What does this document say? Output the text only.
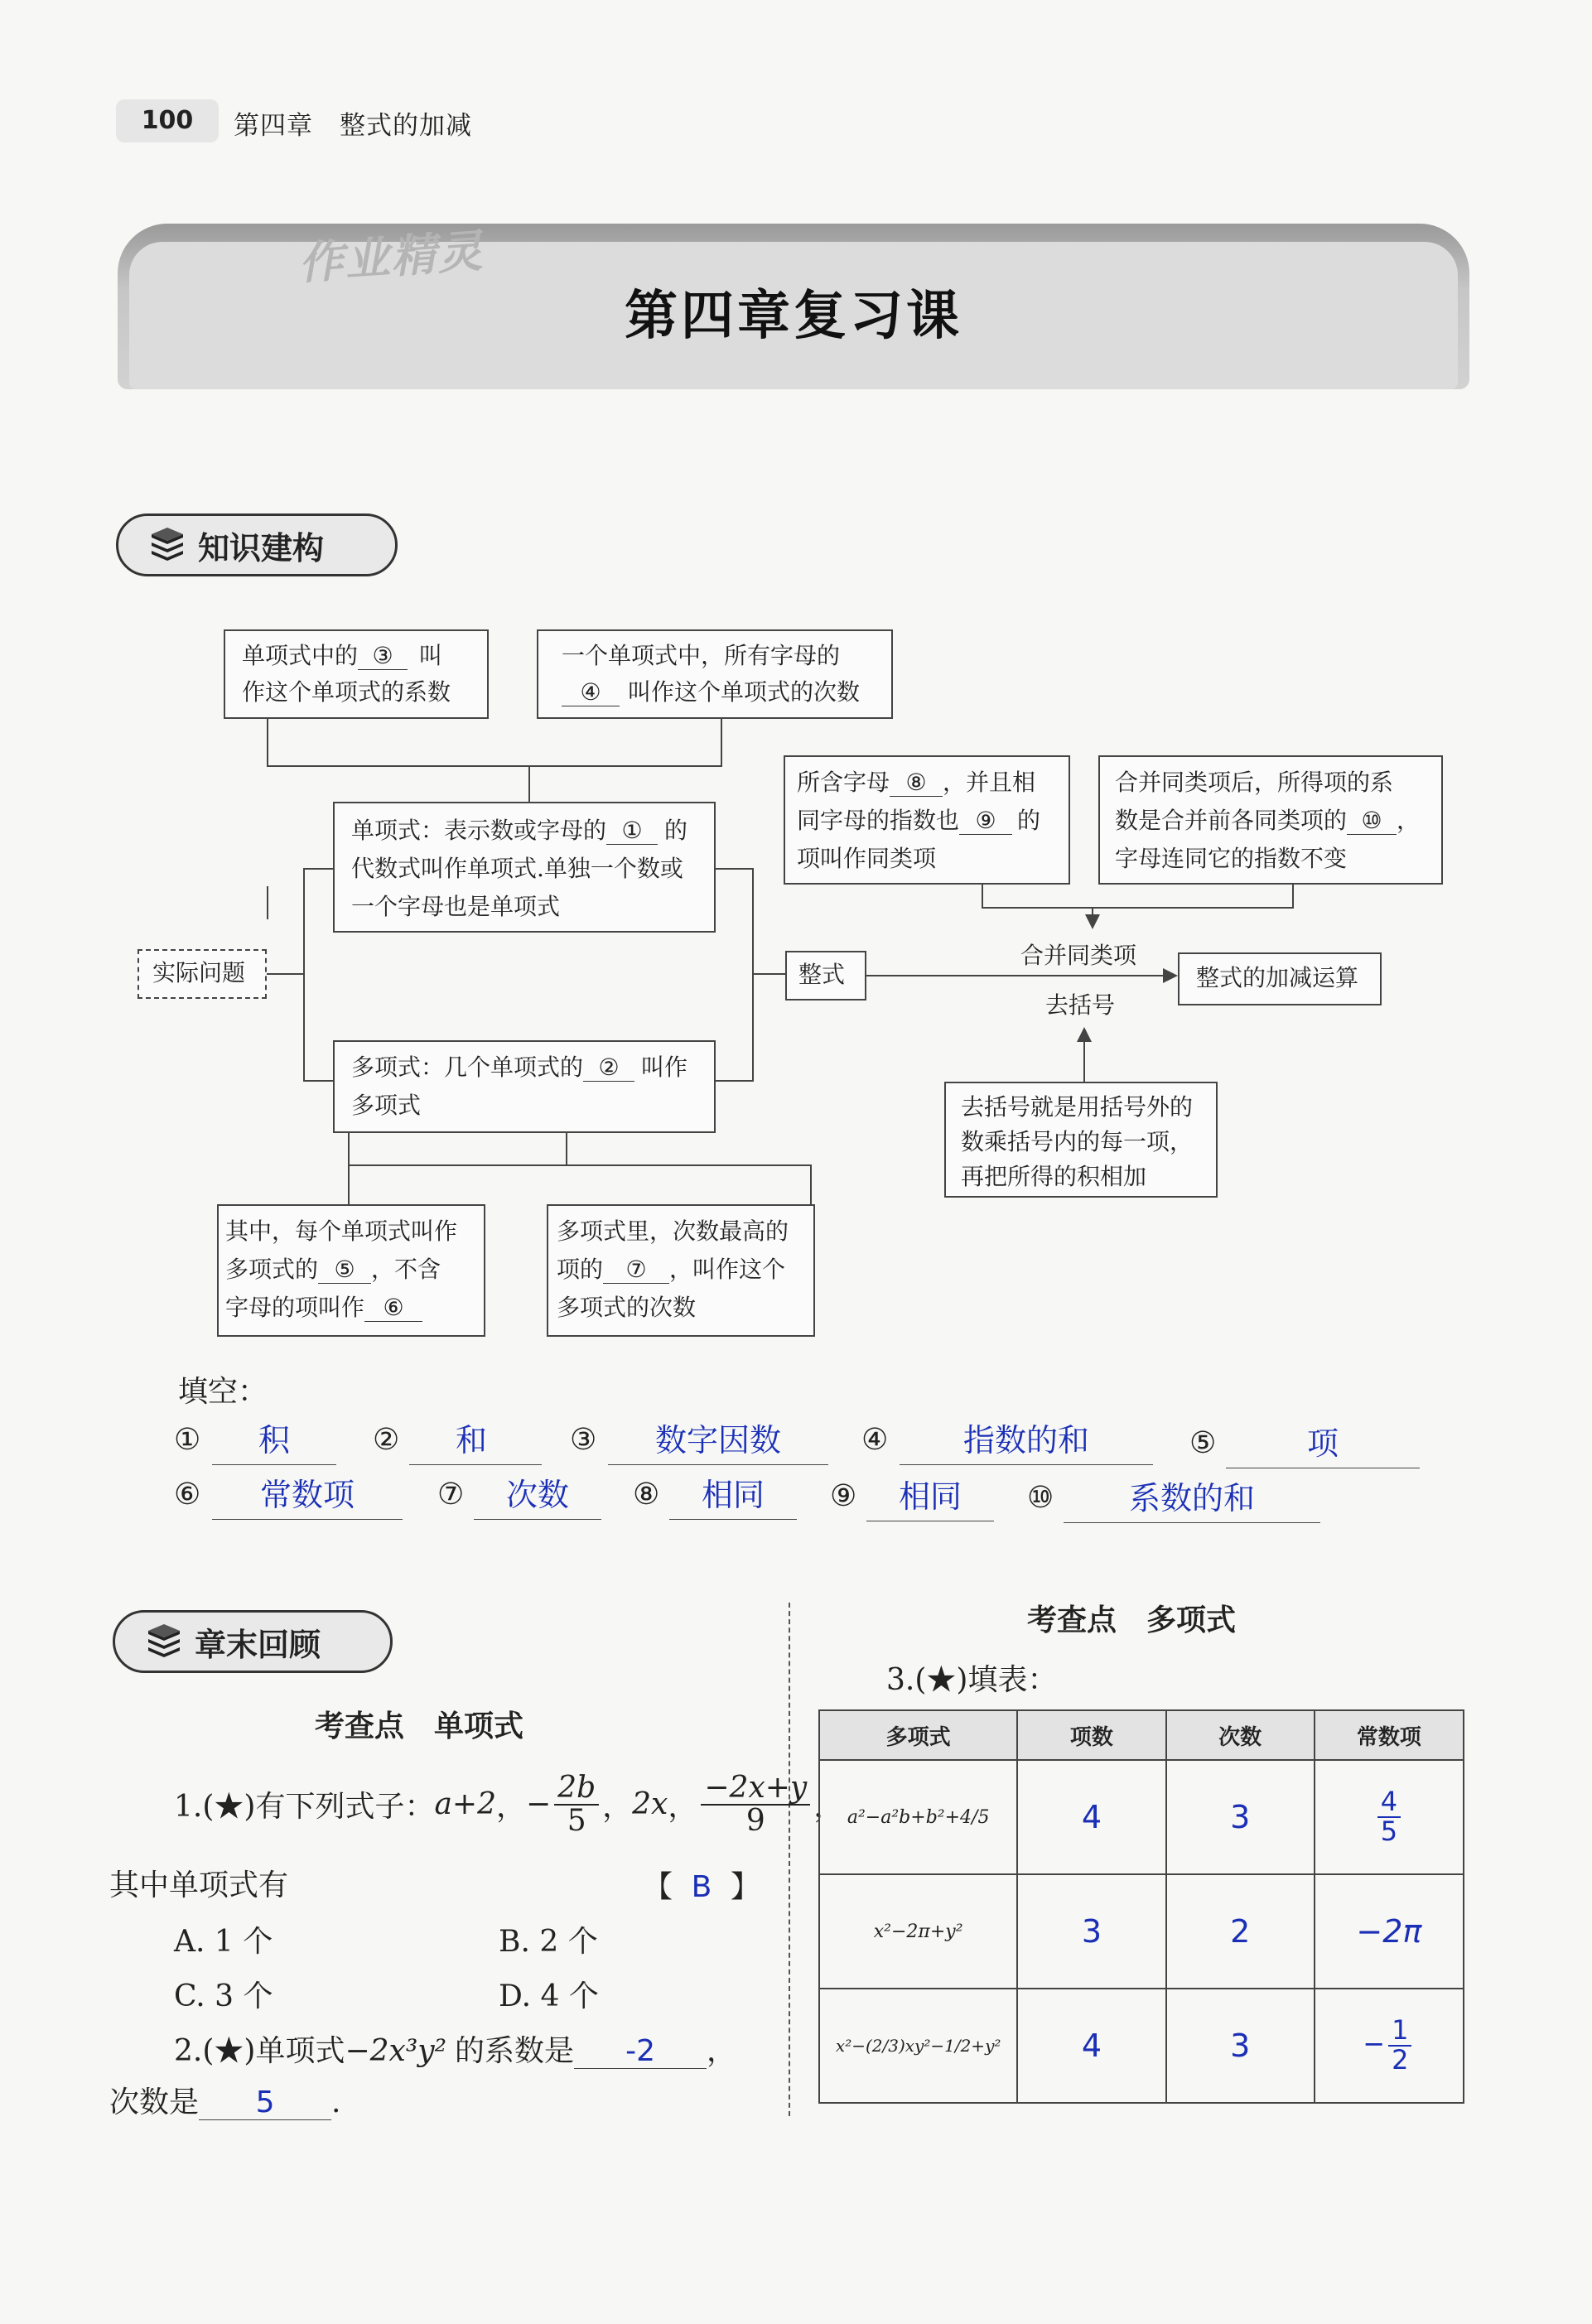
100	第四章　整式的加减
第四章复习课
作业精灵
知识建构
单项式中的 ③ 叫
作这个单项式的系数
一个单项式中，所有字母的
④ 叫作这个单项式的次数
单项式：表示数或字母的 ① 的
代数式叫作单项式.单独一个数或
一个字母也是单项式
所含字母 ⑧ ，并且相
同字母的指数也 ⑨ 的
项叫作同类项
合并同类项后，所得项的系
数是合并前各同类项的 ⑩ ，
字母连同它的指数不变
实际问题	整式
合并同类项
去括号
整式的加减运算
多项式：几个单项式的 ② 叫作
多项式	去括号就是用括号外的
数乘括号内的每一项，
再把所得的积相加
其中，每个单项式叫作
多项式的 ⑤ ，不含
字母的项叫作 ⑥
多项式里，次数最高的
项的 ⑦ ，叫作这个
多项式的次数
填空：
①	积	②	和	③	数字因数	④	指数的和	⑤	项
⑥	常数项	⑦	次数	⑧	相同	⑨	相同	⑩	系数的和
章末回顾
考查点　单项式
1.(★)有下列式子： a+2 ， − $\frac{2b}{5}$ ， 2x ， $\frac{-2x+y}{9}$ ，
其中单项式有	【 B 】
A. 1 个	B. 2 个
C. 3 个	D. 4 个
2.(★)单项式−2x³y² 的系数是 -2 ，
次数是 5 .
考查点　多项式
3.(★)填表：
多项式	项数	次数	常数项
a²−a²b+b²+4/5	4	3	$\frac{4}{5}$

x²−2π+y²	3	2	−2π
x²−(2/3)xy²−1/2+y²	4	3	− $\frac{1}{2}$
